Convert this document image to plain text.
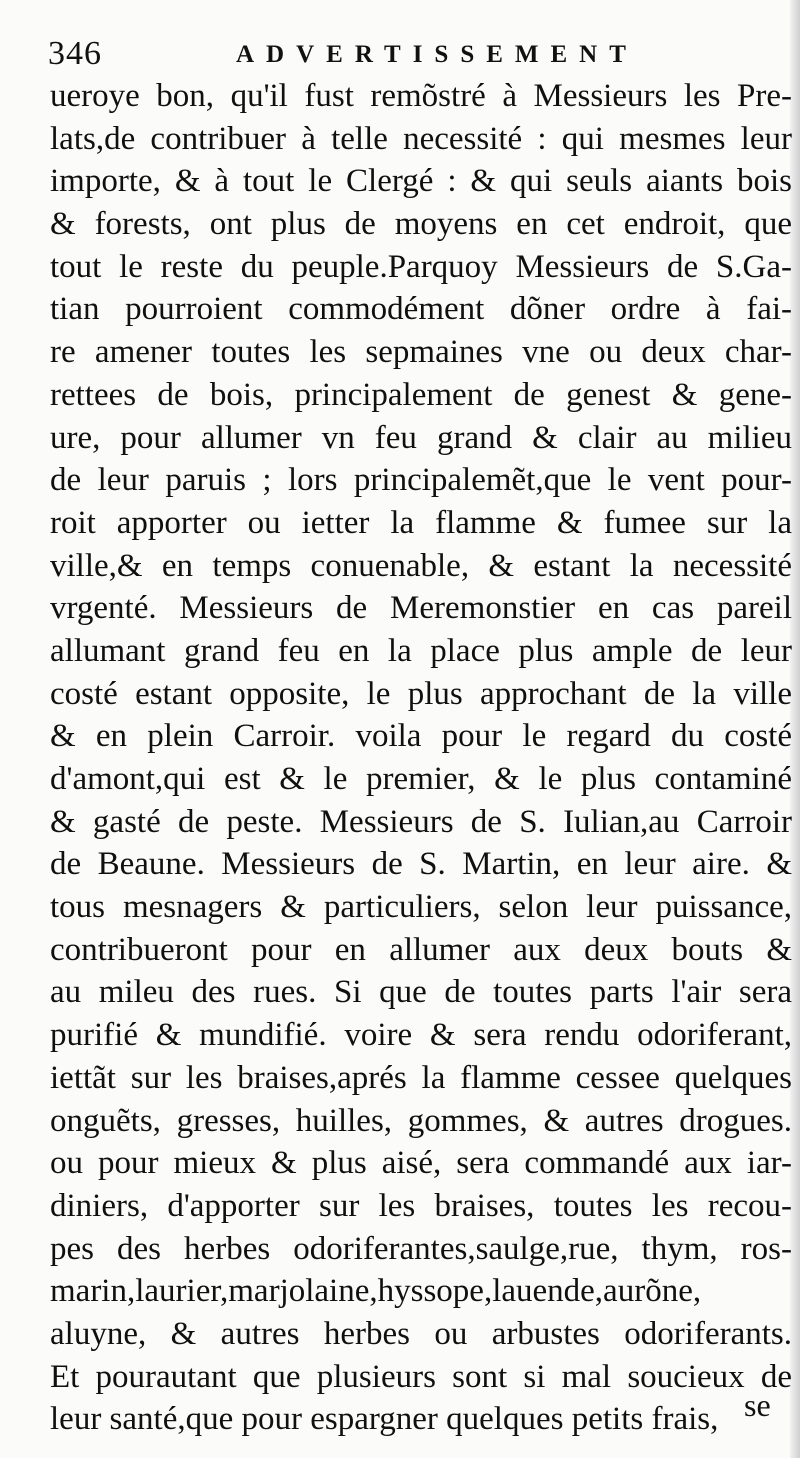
346	ADVERTISSEMENT
ueroye bon, qu'il fust remõstré à Messieurs les Pre-
lats,de contribuer à telle necessité : qui mesmes leur
importe, & à tout le Clergé : & qui seuls aiants bois
& forests, ont plus de moyens en cet endroit, que
tout le reste du peuple.Parquoy Messieurs de S.Ga-
tian pourroient commodément dõner ordre à fai-
re amener toutes les sepmaines vne ou deux char-
rettees de bois, principalement de genest & gene-
ure, pour allumer vn feu grand & clair au milieu
de leur paruis ; lors principalemẽt,que le vent pour-
roit apporter ou ietter la flamme & fumee sur la
ville,& en temps conuenable, & estant la necessité
vrgenté. Messieurs de Meremonstier en cas pareil
allumant grand feu en la place plus ample de leur
costé estant opposite, le plus approchant de la ville
& en plein Carroir. voila pour le regard du costé
d'amont,qui est & le premier, & le plus contaminé
& gasté de peste. Messieurs de S. Iulian,au Carroir
de Beaune. Messieurs de S. Martin, en leur aire. &
tous mesnagers & particuliers, selon leur puissance,
contribueront pour en allumer aux deux bouts &
au mileu des rues. Si que de toutes parts l'air sera
purifié & mundifié. voire & sera rendu odoriferant,
iettãt sur les braises,aprés la flamme cessee quelques
onguẽts, gresses, huilles, gommes, & autres drogues.
ou pour mieux & plus aisé, sera commandé aux iar-
diniers, d'apporter sur les braises, toutes les recou-
pes des herbes odoriferantes,saulge,rue, thym, ros-
marin,laurier,marjolaine,hyssope,lauende,aurõne,
aluyne, & autres herbes ou arbustes odoriferants.
Et pourautant que plusieurs sont si mal soucieux de
leur santé,que pour espargner quelques petits frais, se
